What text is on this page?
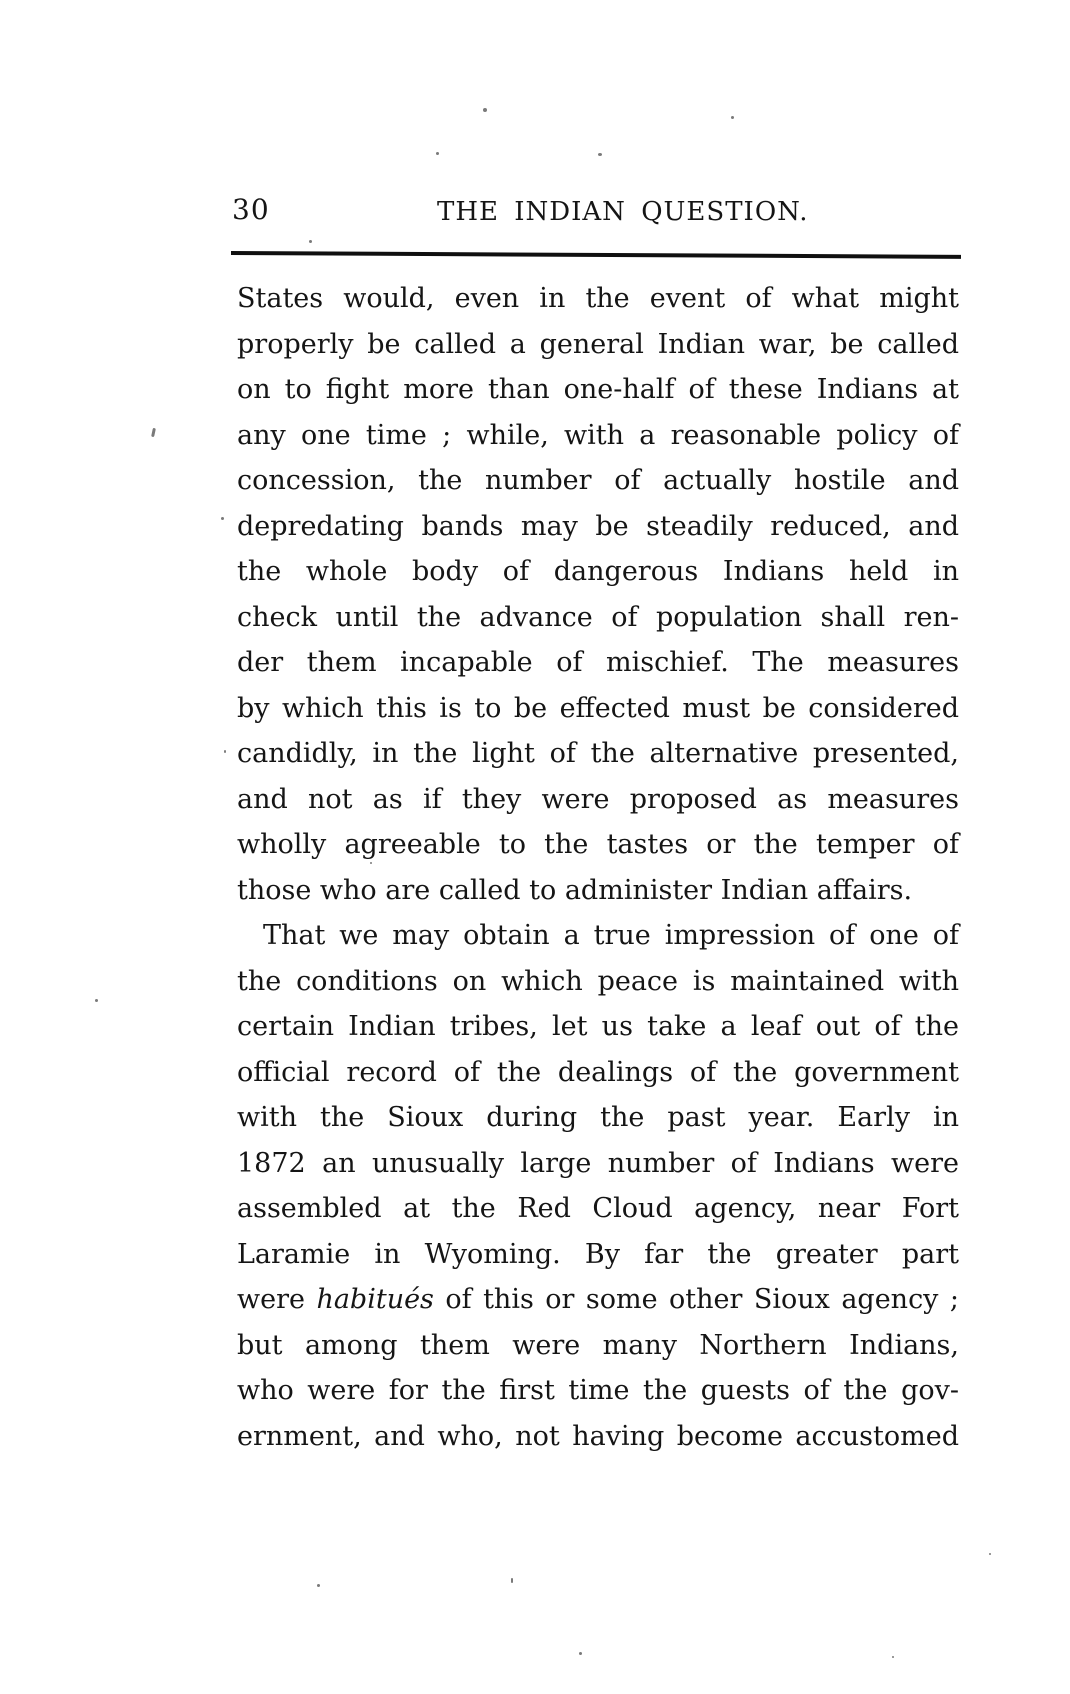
30	THE INDIAN QUESTION.
States would, even in the event of what might
properly be called a general Indian war, be called
on to fight more than one-half of these Indians at
any one time ; while, with a reasonable policy of
concession, the number of actually hostile and
depredating bands may be steadily reduced, and
the whole body of dangerous Indians held in
check until the advance of population shall ren-
der them incapable of mischief. The measures
by which this is to be effected must be considered
candidly, in the light of the alternative presented,
and not as if they were proposed as measures
wholly agreeable to the tastes or the temper of
those who are called to administer Indian affairs.
That we may obtain a true impression of one of
the conditions on which peace is maintained with
certain Indian tribes, let us take a leaf out of the
official record of the dealings of the government
with the Sioux during the past year. Early in
1872 an unusually large number of Indians were
assembled at the Red Cloud agency, near Fort
Laramie in Wyoming. By far the greater part
were habitués of this or some other Sioux agency ;
but among them were many Northern Indians,
who were for the first time the guests of the gov-
ernment, and who, not having become accustomed
